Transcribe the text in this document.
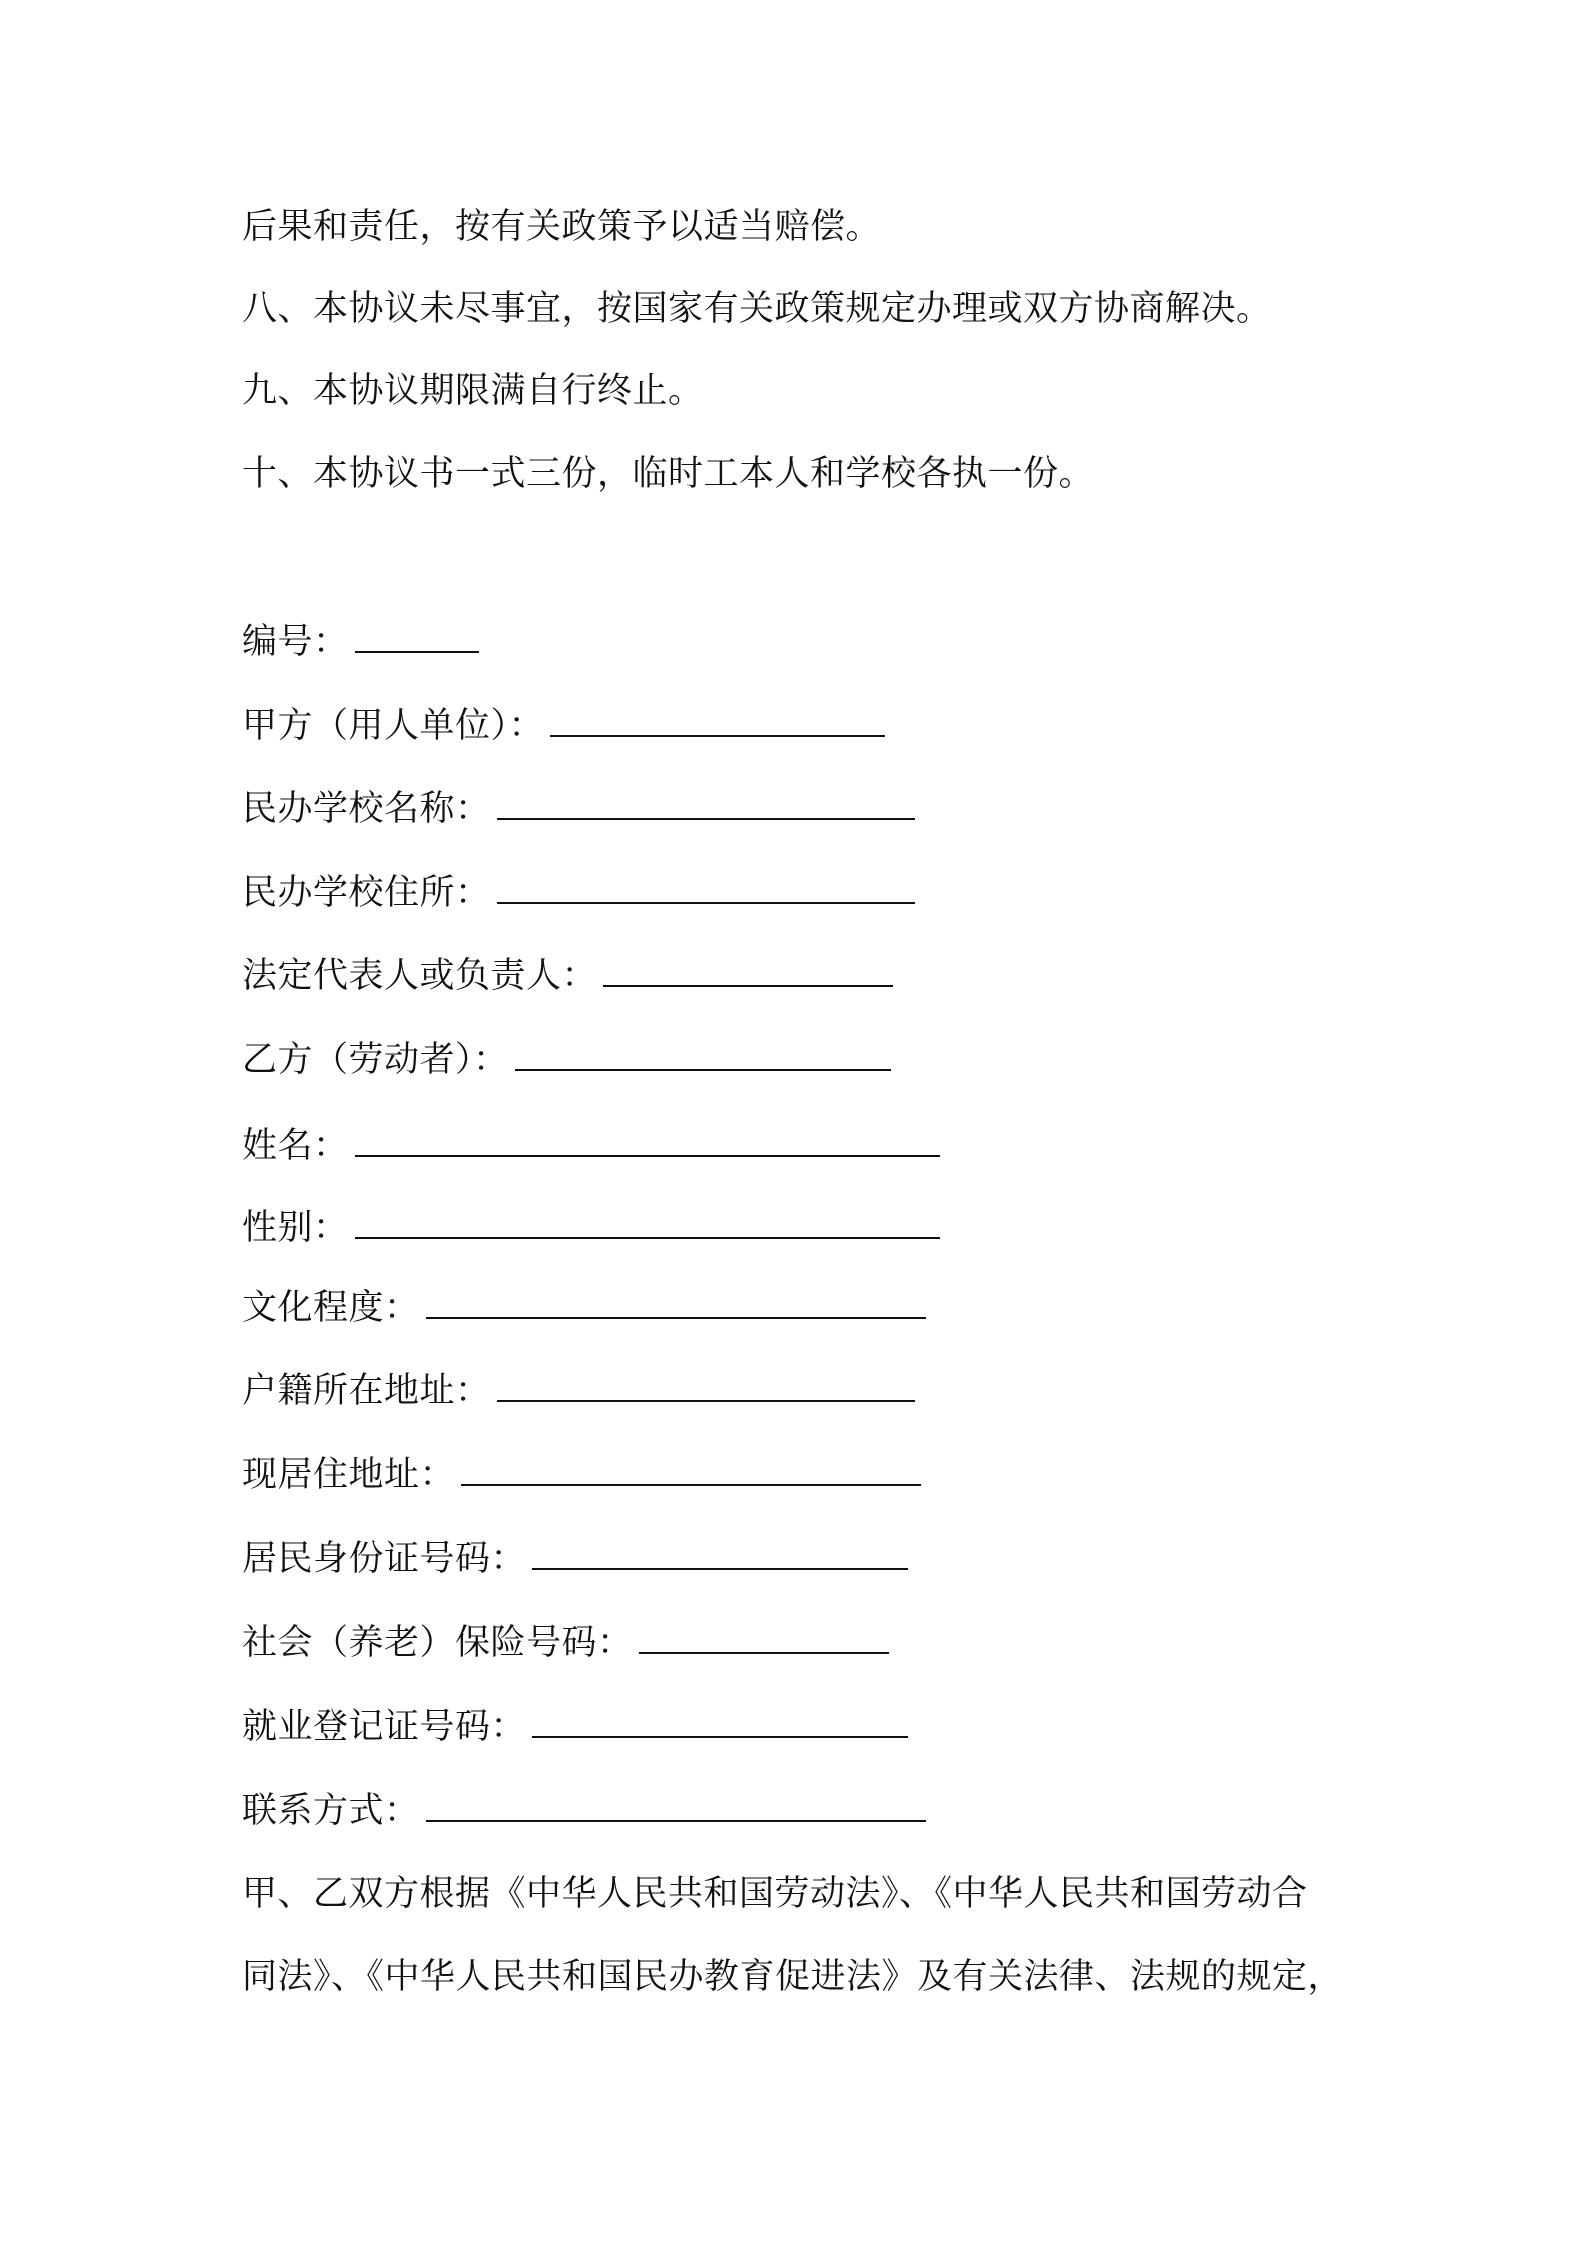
后果和责任，按有关政策予以适当赔偿。
八、本协议未尽事宜，按国家有关政策规定办理或双方协商解决。
九、本协议期限满自行终止。
十、本协议书一式三份，临时工本人和学校各执一份。
编号：
甲方（用人单位）：
民办学校名称：
民办学校住所：
法定代表人或负责人：
乙方（劳动者）：
姓名：
性别：
文化程度：
户籍所在地址：
现居住地址：
居民身份证号码：
社会（养老）保险号码：
就业登记证号码：
联系方式：
甲、乙双方根据《中华人民共和国劳动法》、《中华人民共和国劳动合
同法》、《中华人民共和国民办教育促进法》及有关法律、法规的规定，
